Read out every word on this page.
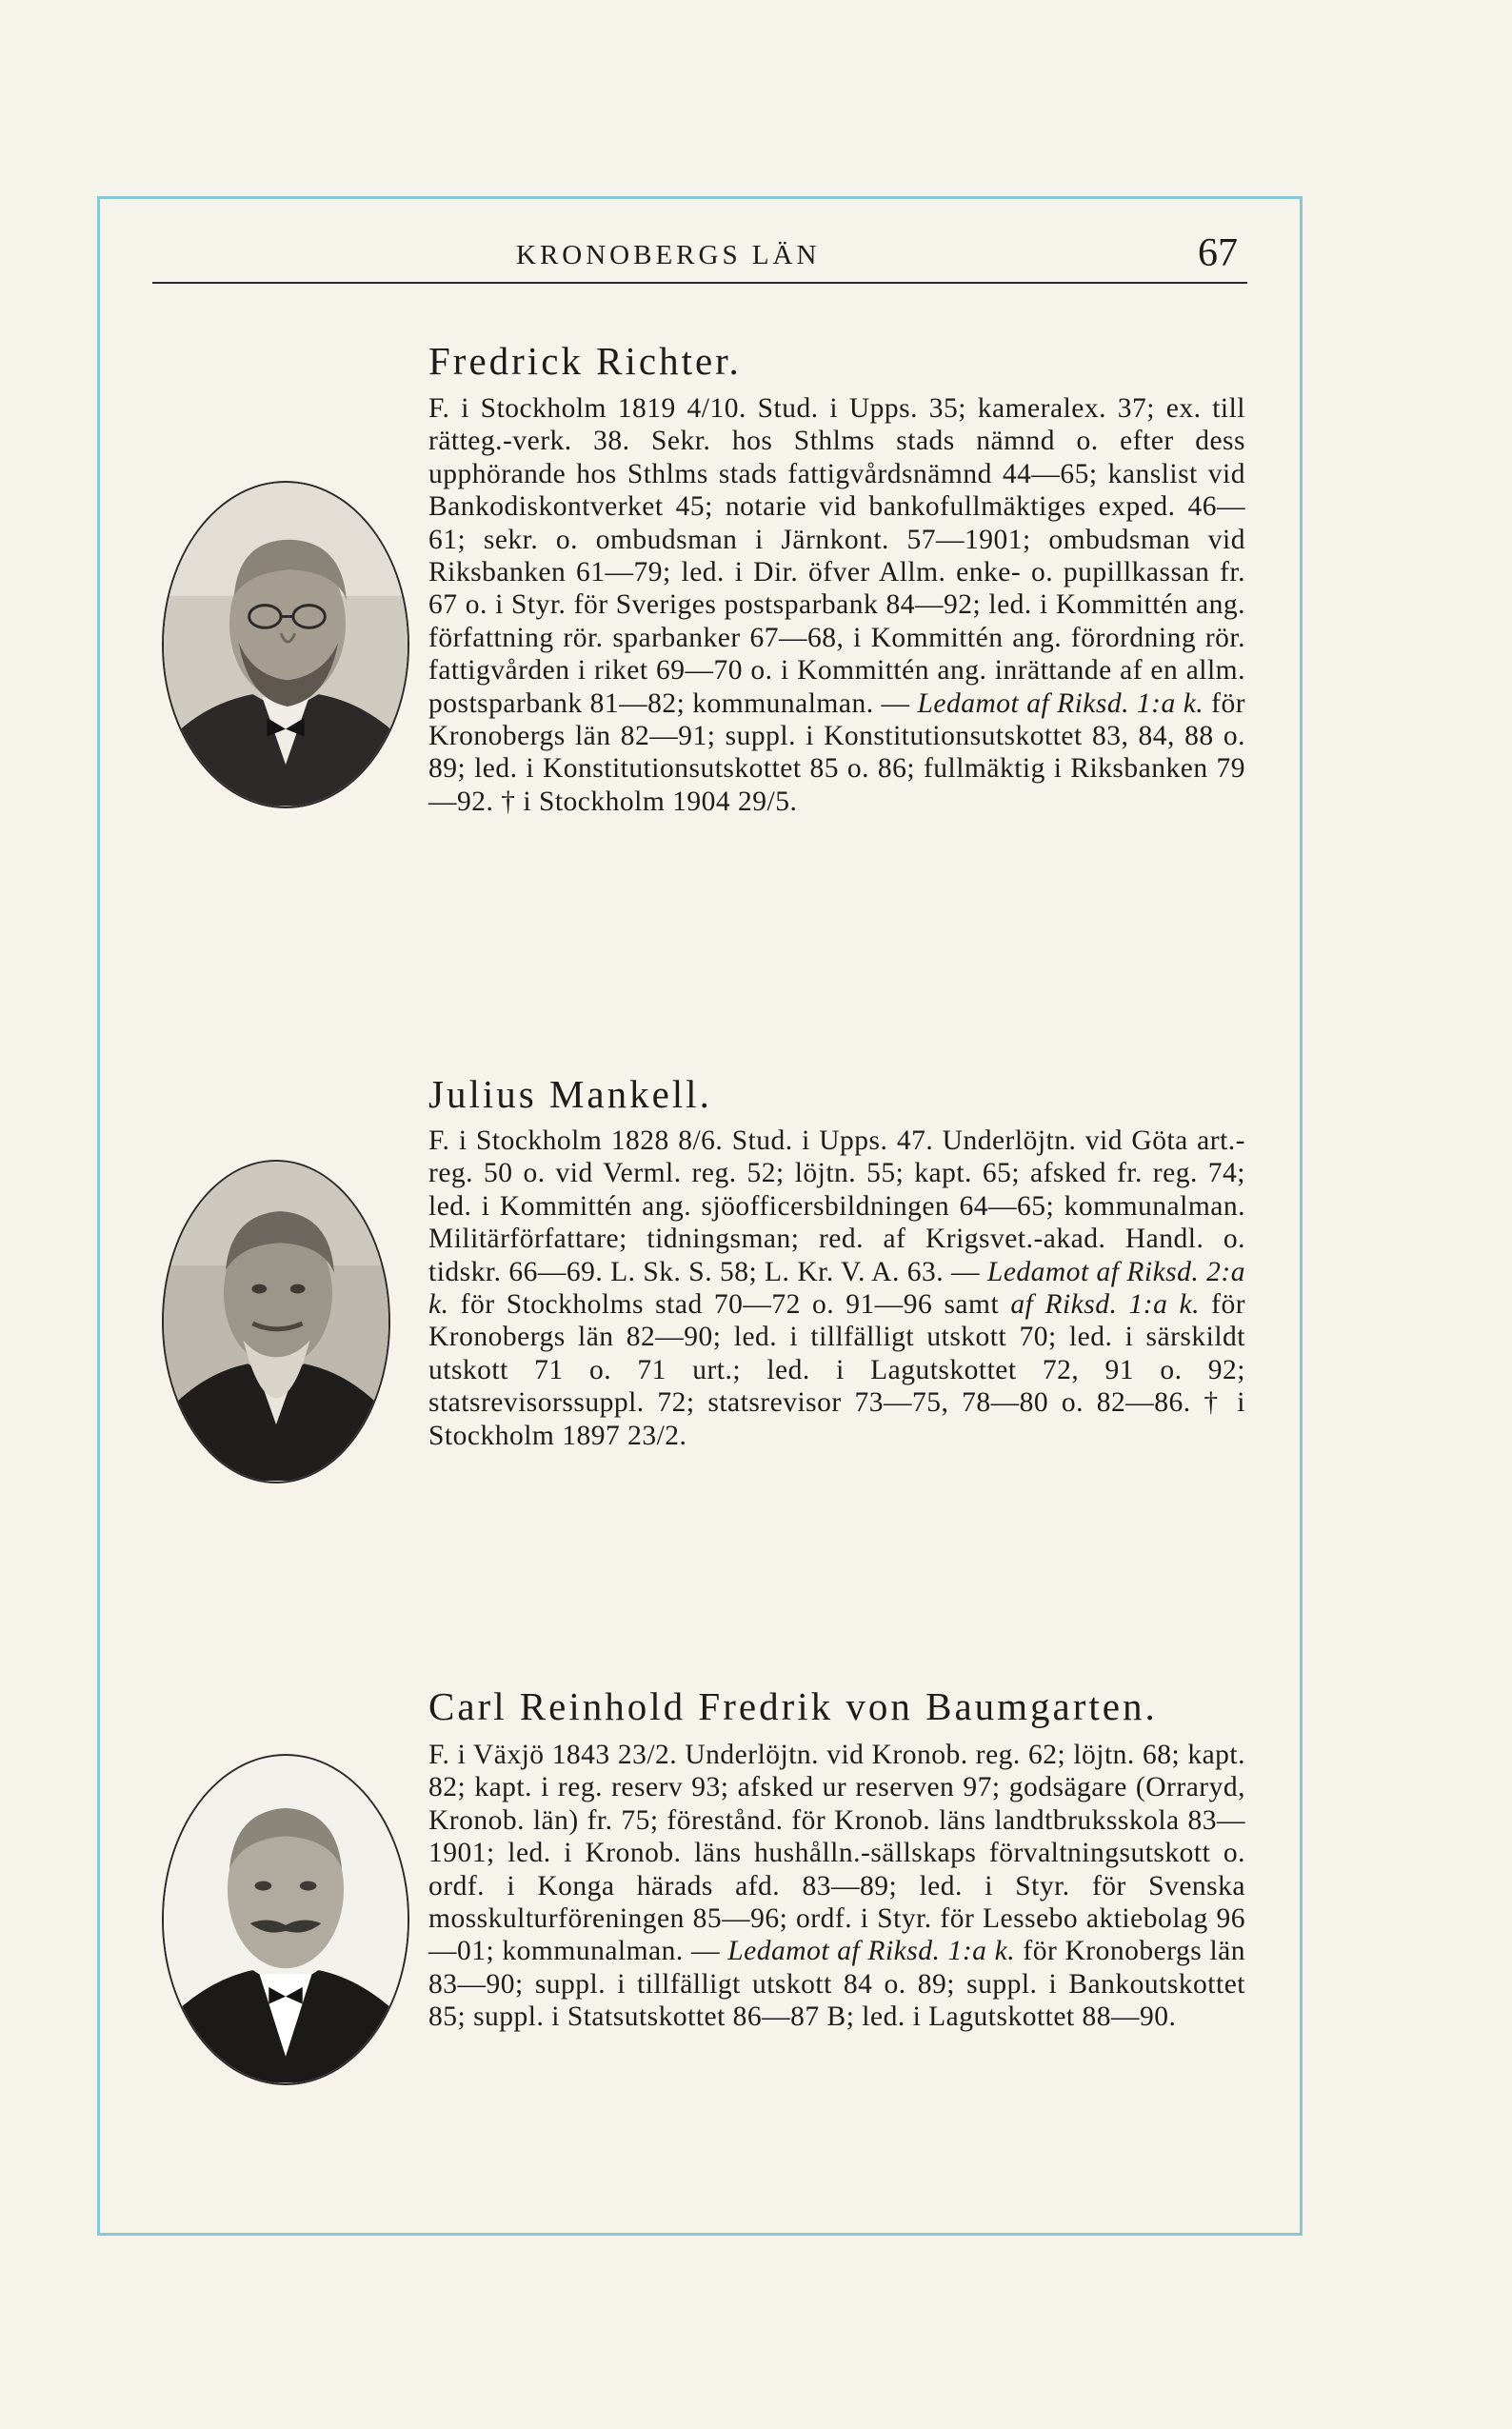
KRONOBERGS LÄN	67
Fredrick Richter.

F. i Stockholm 1819 4/10. Stud. i Upps. 35; kameralex. 37; ex. till rätteg.-verk. 38. Sekr. hos Sthlms stads nämnd o. efter dess upphörande hos Sthlms stads fattigvårdsnämnd 44—65; kanslist vid Bankodiskontverket 45; notarie vid bankofullmäktiges exped. 46—61; sekr. o. ombudsman i Järnkont. 57—1901; ombudsman vid Riksbanken 61—79; led. i Dir. öfver Allm. enke- o. pupillkassan fr. 67 o. i Styr. för Sveriges postsparbank 84—92; led. i Kommittén ang. författning rör. sparbanker 67—68, i Kommittén ang. förordning rör. fattigvården i riket 69—70 o. i Kommittén ang. inrättande af en allm. postsparbank 81—82; kommunalman. — Ledamot af Riksd. 1:a k. för Kronobergs län 82—91; suppl. i Konstitutionsutskottet 83, 84, 88 o. 89; led. i Konstitutionsutskottet 85 o. 86; fullmäktig i Riksbanken 79—92. † i Stockholm 1904 29/5.

Julius Mankell.

F. i Stockholm 1828 8/6. Stud. i Upps. 47. Underlöjtn. vid Göta art.-reg. 50 o. vid Verml. reg. 52; löjtn. 55; kapt. 65; afsked fr. reg. 74; led. i Kommittén ang. sjöofficersbildningen 64—65; kommunalman. Militärförfattare; tidningsman; red. af Krigsvet.-akad. Handl. o. tidskr. 66—69. L. Sk. S. 58; L. Kr. V. A. 63. — Ledamot af Riksd. 2:a k. för Stockholms stad 70—72 o. 91—96 samt af Riksd. 1:a k. för Kronobergs län 82—90; led. i tillfälligt utskott 70; led. i särskildt utskott 71 o. 71 urt.; led. i Lagutskottet 72, 91 o. 92; statsrevisorssuppl. 72; statsrevisor 73—75, 78—80 o. 82—86. † i Stockholm 1897 23/2.

Carl Reinhold Fredrik von Baumgarten.

F. i Växjö 1843 23/2. Underlöjtn. vid Kronob. reg. 62; löjtn. 68; kapt. 82; kapt. i reg. reserv 93; afsked ur reserven 97; godsägare (Orraryd, Kronob. län) fr. 75; förestånd. för Kronob. läns landtbruksskola 83—1901; led. i Kronob. läns hushålln.-sällskaps förvaltningsutskott o. ordf. i Konga härads afd. 83—89; led. i Styr. för Svenska mosskulturföreningen 85—96; ordf. i Styr. för Lessebo aktiebolag 96—01; kommunalman. — Ledamot af Riksd. 1:a k. för Kronobergs län 83—90; suppl. i tillfälligt utskott 84 o. 89; suppl. i Bankoutskottet 85; suppl. i Statsutskottet 86—87 B; led. i Lagutskottet 88—90.
